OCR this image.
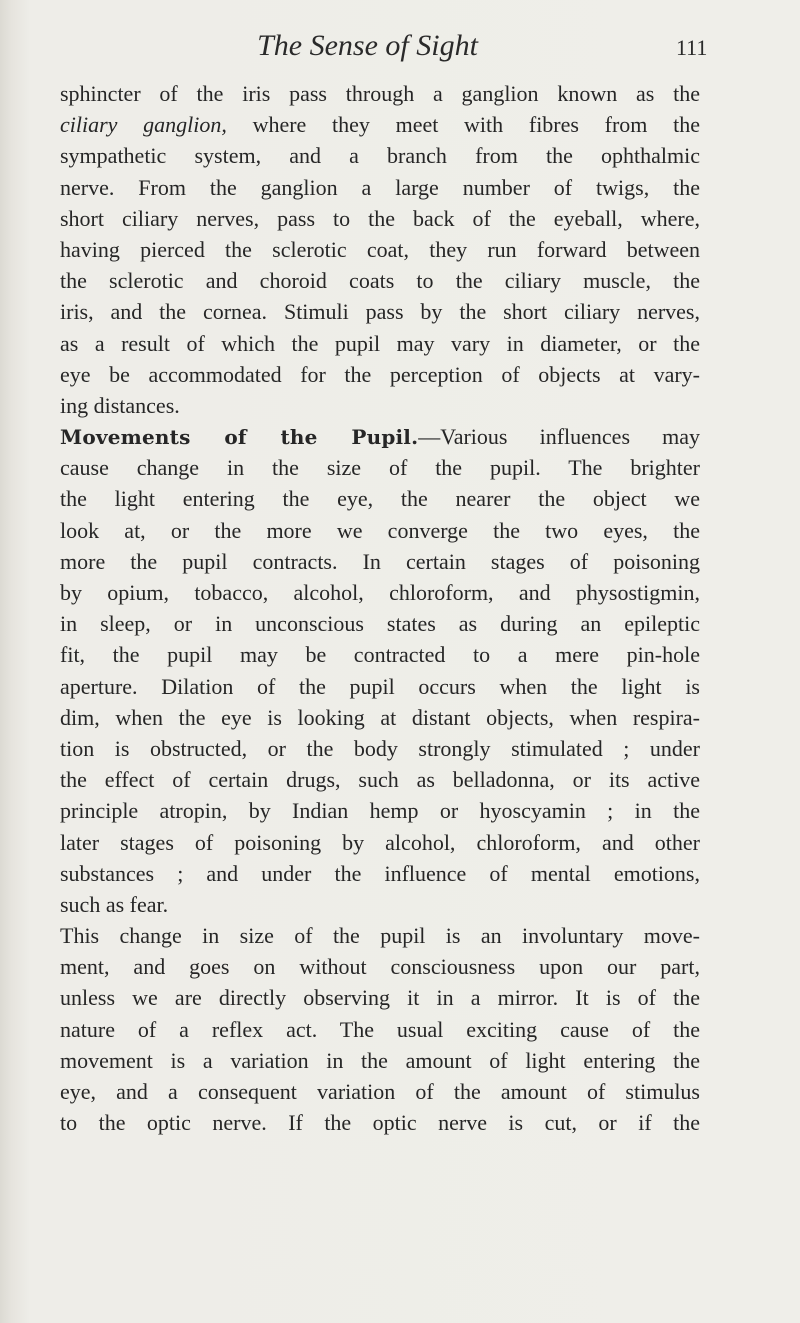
The Sense of Sight	111
sphincter of the iris pass through a ganglion known as the
ciliary ganglion, where they meet with fibres from the
sympathetic system, and a branch from the ophthalmic
nerve. From the ganglion a large number of twigs, the
short ciliary nerves, pass to the back of the eyeball, where,
having pierced the sclerotic coat, they run forward between
the sclerotic and choroid coats to the ciliary muscle, the
iris, and the cornea. Stimuli pass by the short ciliary nerves,
as a result of which the pupil may vary in diameter, or the
eye be accommodated for the perception of objects at vary-
ing distances.
Movements of the Pupil.—Various influences may
cause change in the size of the pupil. The brighter
the light entering the eye, the nearer the object we
look at, or the more we converge the two eyes, the
more the pupil contracts. In certain stages of poisoning
by opium, tobacco, alcohol, chloroform, and physostigmin,
in sleep, or in unconscious states as during an epileptic
fit, the pupil may be contracted to a mere pin-hole
aperture. Dilation of the pupil occurs when the light is
dim, when the eye is looking at distant objects, when respira-
tion is obstructed, or the body strongly stimulated ; under
the effect of certain drugs, such as belladonna, or its active
principle atropin, by Indian hemp or hyoscyamin ; in the
later stages of poisoning by alcohol, chloroform, and other
substances ; and under the influence of mental emotions,
such as fear.
This change in size of the pupil is an involuntary move-
ment, and goes on without consciousness upon our part,
unless we are directly observing it in a mirror. It is of the
nature of a reflex act. The usual exciting cause of the
movement is a variation in the amount of light entering the
eye, and a consequent variation of the amount of stimulus
to the optic nerve. If the optic nerve is cut, or if the
